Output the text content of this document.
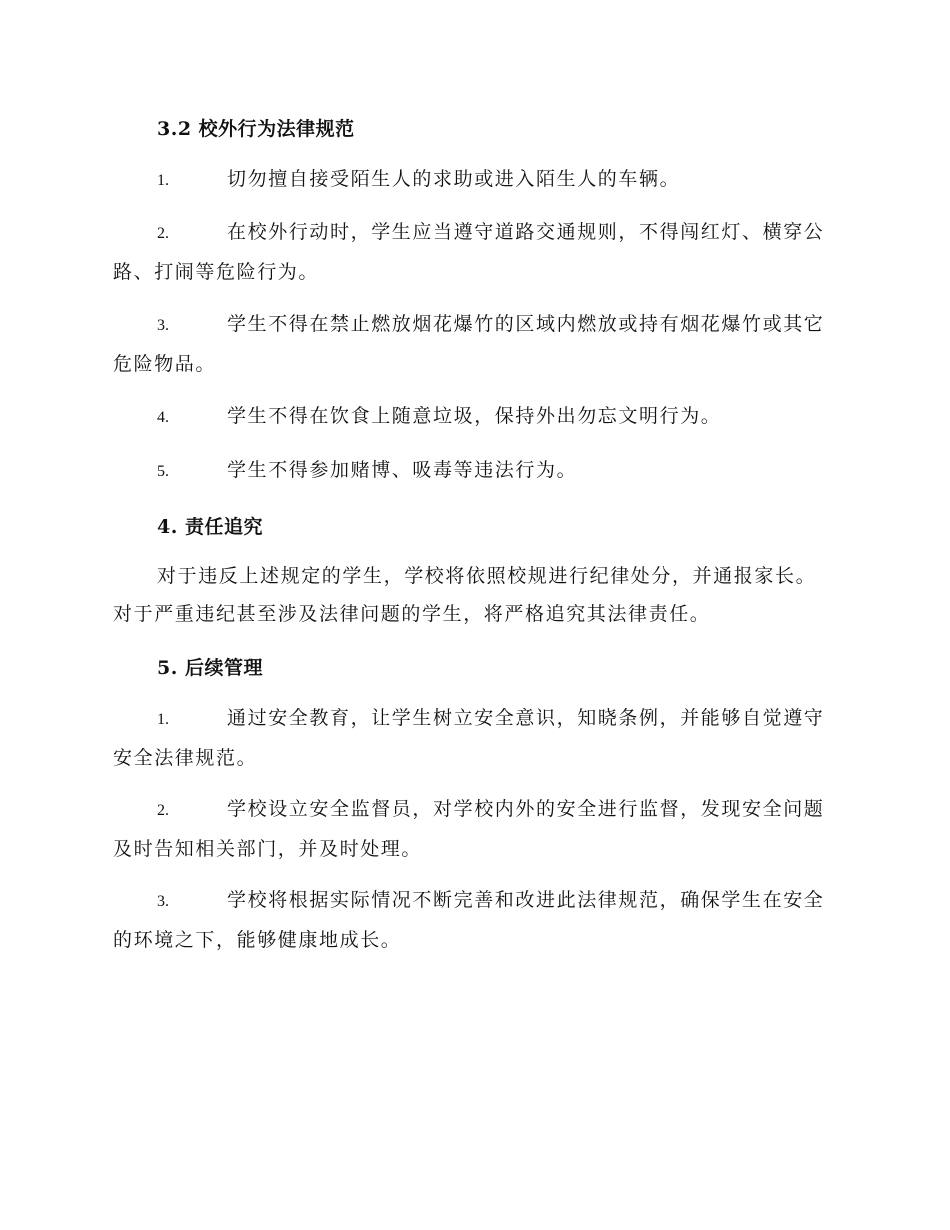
3.2 校外行为法律规范
1.	切勿擅自接受陌生人的求助或进入陌生人的车辆。
2.	在校外行动时，学生应当遵守道路交通规则，不得闯红灯、横穿公路、打闹等危险行为。
3.	学生不得在禁止燃放烟花爆竹的区域内燃放或持有烟花爆竹或其它危险物品。
4.	学生不得在饮食上随意垃圾，保持外出勿忘文明行为。
5.	学生不得参加赌博、吸毒等违法行为。
4. 责任追究
对于违反上述规定的学生，学校将依照校规进行纪律处分，并通报家长。对于严重违纪甚至涉及法律问题的学生，将严格追究其法律责任。
5. 后续管理
1.	通过安全教育，让学生树立安全意识，知晓条例，并能够自觉遵守安全法律规范。
2.	学校设立安全监督员，对学校内外的安全进行监督，发现安全问题及时告知相关部门，并及时处理。
3.	学校将根据实际情况不断完善和改进此法律规范，确保学生在安全的环境之下，能够健康地成长。
